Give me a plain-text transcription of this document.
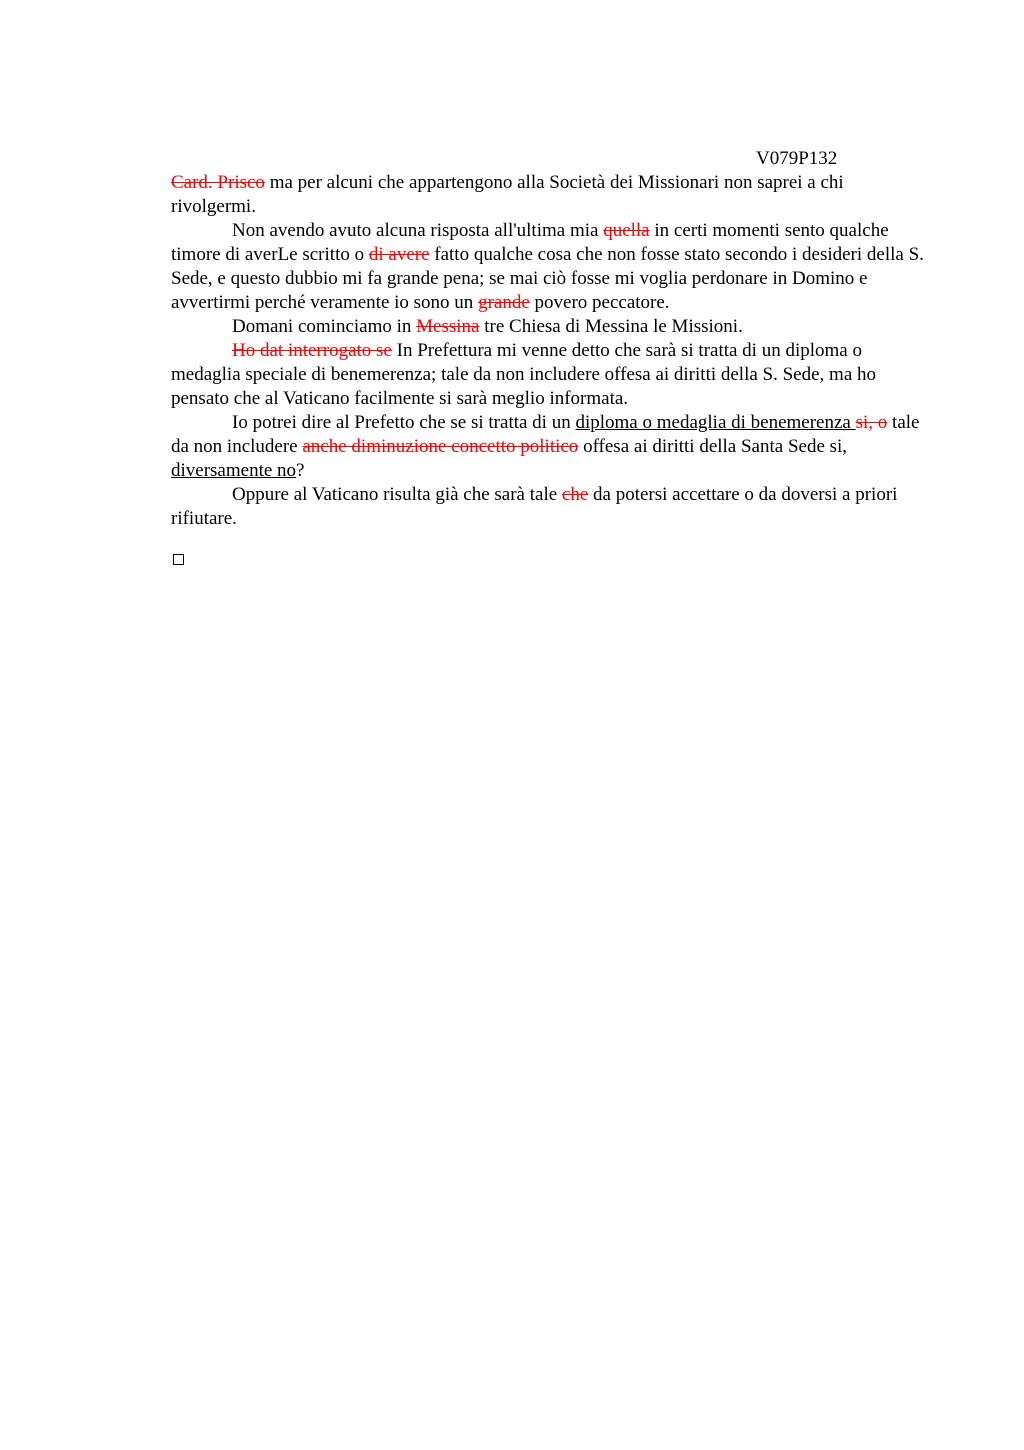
V079P132

Card. Prisco ma per alcuni che appartengono alla Società dei Missionari non saprei a chi rivolgermi.

Non avendo avuto alcuna risposta all'ultima mia quella in certi momenti sento qualche timore di averLe scritto o di avere fatto qualche cosa che non fosse stato secondo i desideri della S. Sede, e questo dubbio mi fa grande pena; se mai ciò fosse mi voglia perdonare in Domino e avvertirmi perché veramente io sono un grande povero peccatore.

Domani cominciamo in Messina tre Chiesa di Messina le Missioni.

Ho dat interrogato se In Prefettura mi venne detto che sarà si tratta di un diploma o medaglia speciale di benemerenza; tale da non includere offesa ai diritti della S. Sede, ma ho pensato che al Vaticano facilmente si sarà meglio informata.

Io potrei dire al Prefetto che se si tratta di un diploma o medaglia di benemerenza si, o tale da non includere anche diminuzione concetto politico offesa ai diritti della Santa Sede si, diversamente no?

Oppure al Vaticano risulta già che sarà tale che da potersi accettare o da doversi a priori rifiutare.
